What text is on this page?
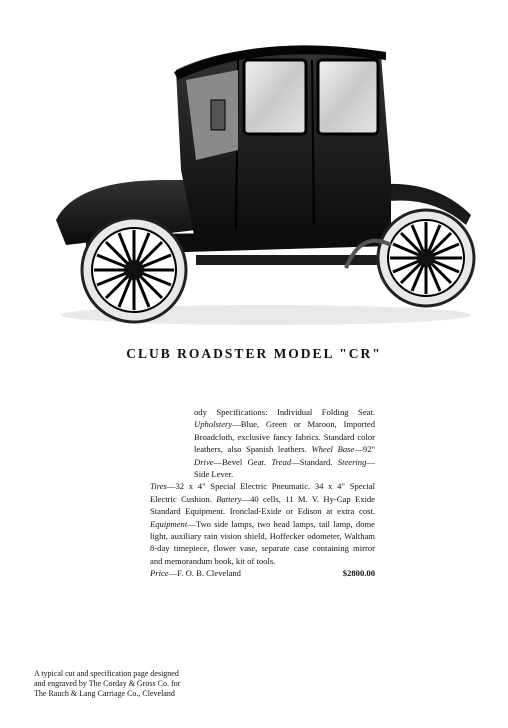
CLUB ROADSTER MODEL "CR"

ody Specifications: Individual Folding Seat. Upholstery—Blue, Green or Maroon, Imported Broadcloth, exclusive fancy fabrics. Standard color leathers, also Spanish leathers. Wheel Base—92" Drive—Bevel Gear. Tread—Standard. Steering—Side Lever.

Tires—32 x 4" Special Electric Pneumatic. 34 x 4" Special Electric Cushion. Battery—40 cells, 11 M. V. Hy-Cap Exide Standard Equipment. Ironclad-Exide or Edison at extra cost. Equipment—Two side lamps, two head lamps, tail lamp, dome light, auxiliary rain vision shield, Hoffecker odometer, Waltham 8-day timepiece, flower vase, separate case containing mirror and memorandum book, kit of tools.

Price—F. O. B. Cleveland	$2800.00
A typical cut and specification page designed
and engraved by The Corday & Gross Co. for
The Rauch & Lang Carriage Co., Cleveland
